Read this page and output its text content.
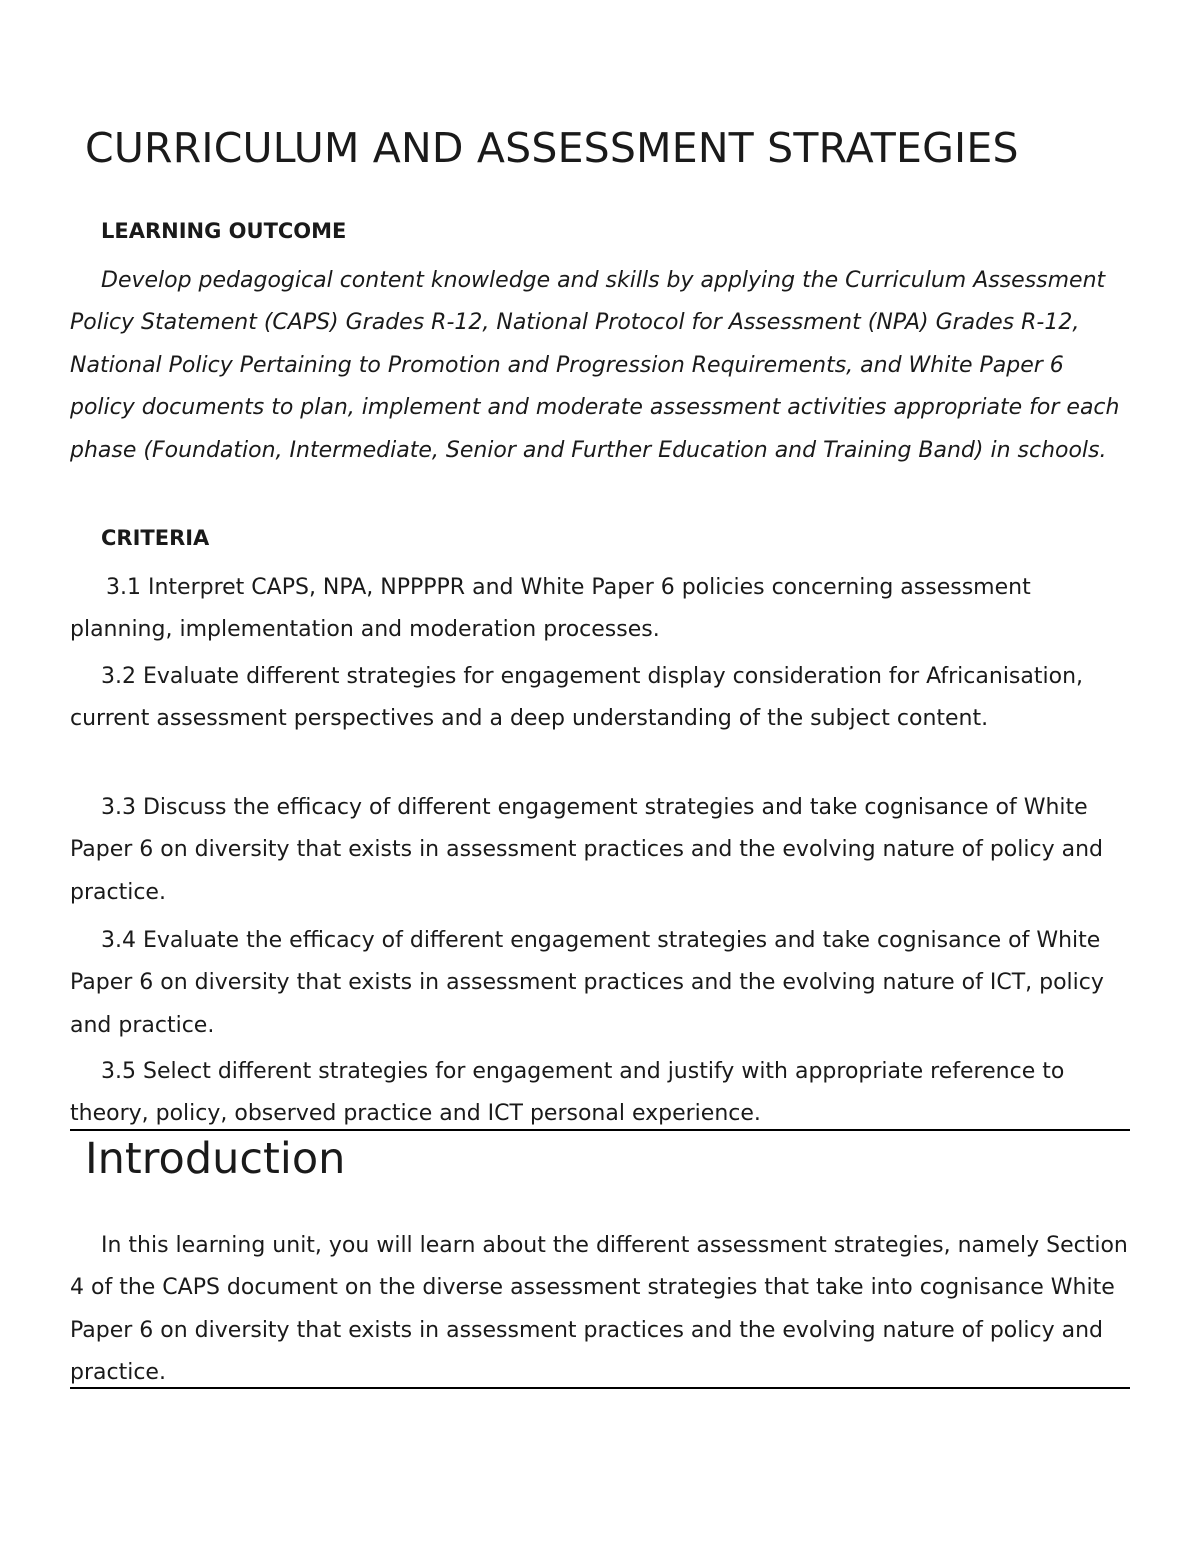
CURRICULUM AND ASSESSMENT STRATEGIES
LEARNING OUTCOME

Develop pedagogical content knowledge and skills by applying the Curriculum Assessment Policy Statement (CAPS) Grades R-12, National Protocol for Assessment (NPA) Grades R-12, National Policy Pertaining to Promotion and Progression Requirements, and White Paper 6 policy documents to plan, implement and moderate assessment activities appropriate for each phase (Foundation, Intermediate, Senior and Further Education and Training Band) in schools.

CRITERIA

3.1 Interpret CAPS, NPA, NPPPPR and White Paper 6 policies concerning assessment planning, implementation and moderation processes.

3.2 Evaluate different strategies for engagement display consideration for Africanisation, current assessment perspectives and a deep understanding of the subject content.

3.3 Discuss the efficacy of different engagement strategies and take cognisance of White Paper 6 on diversity that exists in assessment practices and the evolving nature of policy and practice.

3.4 Evaluate the efficacy of different engagement strategies and take cognisance of White Paper 6 on diversity that exists in assessment practices and the evolving nature of ICT, policy and practice.

3.5 Select different strategies for engagement and justify with appropriate reference to theory, policy, observed practice and ICT personal experience.

Introduction

In this learning unit, you will learn about the different assessment strategies, namely Section 4 of the CAPS document on the diverse assessment strategies that take into cognisance White Paper 6 on diversity that exists in assessment practices and the evolving nature of policy and practice.
